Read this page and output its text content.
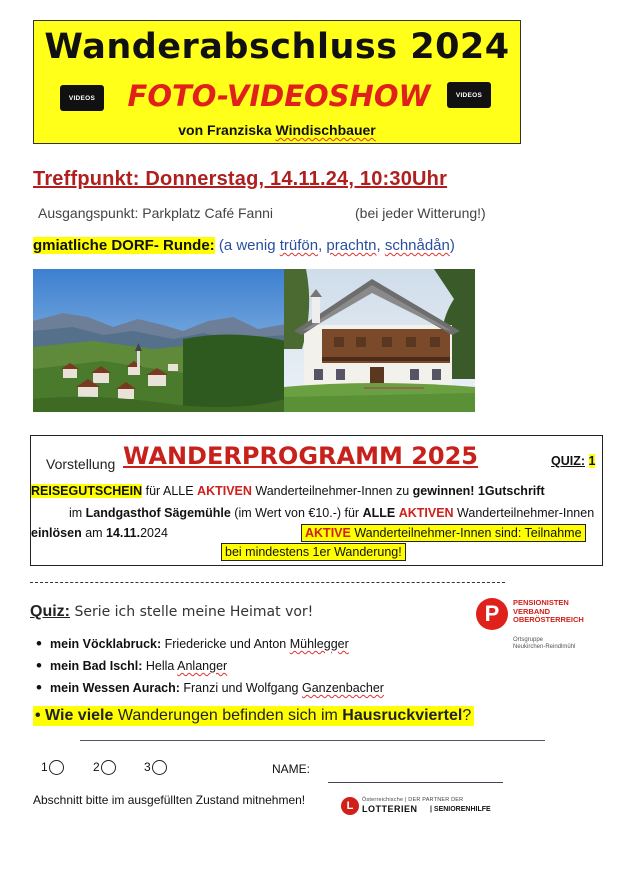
Wanderabschluss 2024
VIDEOS	FOTO-VIDEOSHOW	VIDEOS
von Franziska Windischbauer
Treffpunkt: Donnerstag, 14.11.24, 10:30Uhr
Ausgangspunkt: Parkplatz Café Fanni	(bei jeder Witterung!)
gmiatliche DORF- Runde: (a wenig trüfön, prachtn, schnådån)
Vorstellung WANDERPROGRAMM 2025	QUIZ: 1
REISEGUTSCHEIN für ALLE AKTIVEN Wanderteilnehmer-Innen zu gewinnen! 1Gutschrift
im Landgasthof Sägemühle (im Wert von €10.-) für ALLE AKTIVEN Wanderteilnehmer-Innen
einlösen am 14.11.2024	AKTIVE Wanderteilnehmer-Innen sind: Teilnahme
bei mindestens 1er Wanderung!
Quiz: Serie ich stelle meine Heimat vor!	P	PENSIONISTEN
VERBAND
OBERÖSTERREICH
Ortsgruppe
Neukirchen-Reindlmühl
• mein Vöcklabruck: Friedericke und Anton Mühlegger
• mein Bad Ischl: Hella Anlanger
• mein Wessen Aurach: Franzi und Wolfgang Ganzenbacher
• Wie viele Wanderungen befinden sich im Hausruckviertel?
1	2	3	NAME:
Abschnitt bitte im ausgefüllten Zustand mitnehmen!	L	Österreichische | DER PARTNER DER
LOTTERIEN | SENIORENHILFE
